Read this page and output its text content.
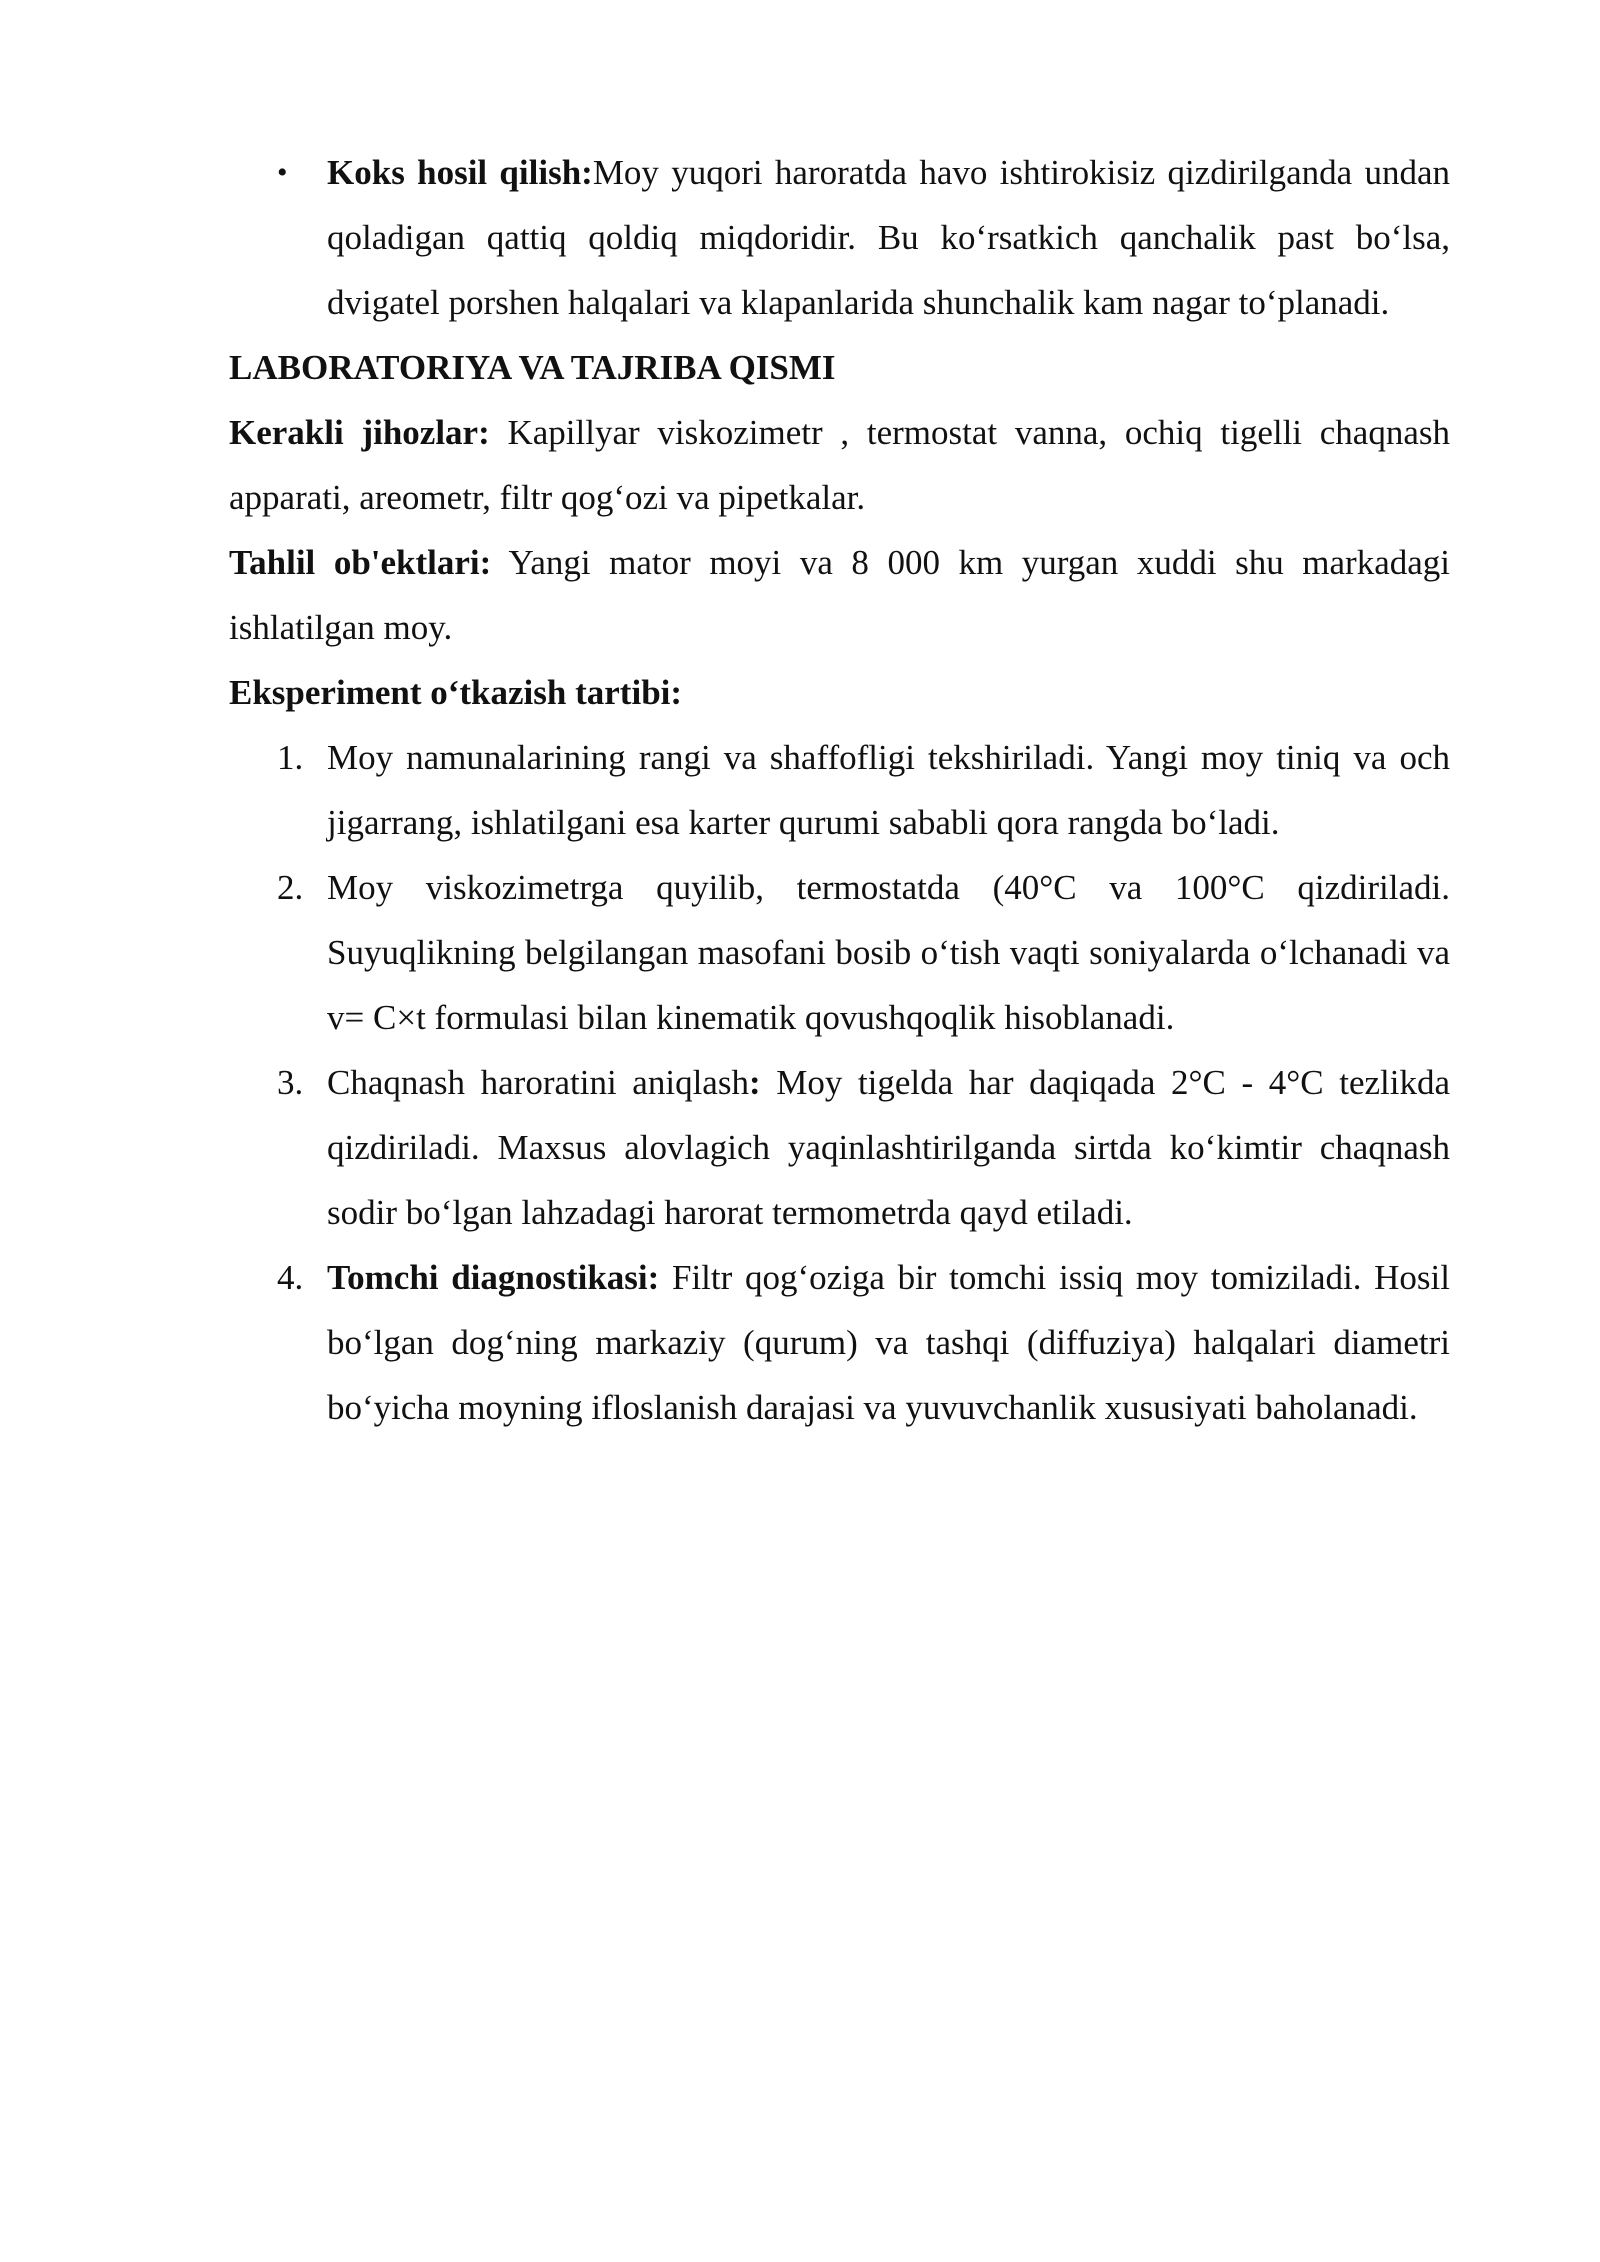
• Koks hosil qilish:Moy yuqori haroratda havo ishtirokisiz qizdirilganda undan qoladigan qattiq qoldiq miqdoridir. Bu ko‘rsatkich qanchalik past bo‘lsa, dvigatel porshen halqalari va klapanlarida shunchalik kam nagar to‘planadi.

LABORATORIYA VA TAJRIBA QISMI

Kerakli jihozlar: Kapillyar viskozimetr , termostat vanna, ochiq tigelli chaqnash apparati, areometr, filtr qog‘ozi va pipetkalar.

Tahlil ob'ektlari: Yangi mator moyi va 8 000 km yurgan xuddi shu markadagi ishlatilgan moy.

Eksperiment o‘tkazish tartibi:

1. Moy namunalarining rangi va shaffofligi tekshiriladi. Yangi moy tiniq va och jigarrang, ishlatilgani esa karter qurumi sababli qora rangda bo‘ladi.
2. Moy viskozimetrga quyilib, termostatda (40°C va 100°C qizdiriladi. Suyuqlikning belgilangan masofani bosib o‘tish vaqti soniyalarda o‘lchanadi va v= C×t formulasi bilan kinematik qovushqoqlik hisoblanadi.
3. Chaqnash haroratini aniqlash: Moy tigelda har daqiqada 2°C - 4°C tezlikda qizdiriladi. Maxsus alovlagich yaqinlashtirilganda sirtda ko‘kimtir chaqnash sodir bo‘lgan lahzadagi harorat termometrda qayd etiladi.
4. Tomchi diagnostikasi: Filtr qog‘oziga bir tomchi issiq moy tomiziladi. Hosil bo‘lgan dog‘ning markaziy (qurum) va tashqi (diffuziya) halqalari diametri bo‘yicha moyning ifloslanish darajasi va yuvuvchanlik xususiyati baholanadi.
